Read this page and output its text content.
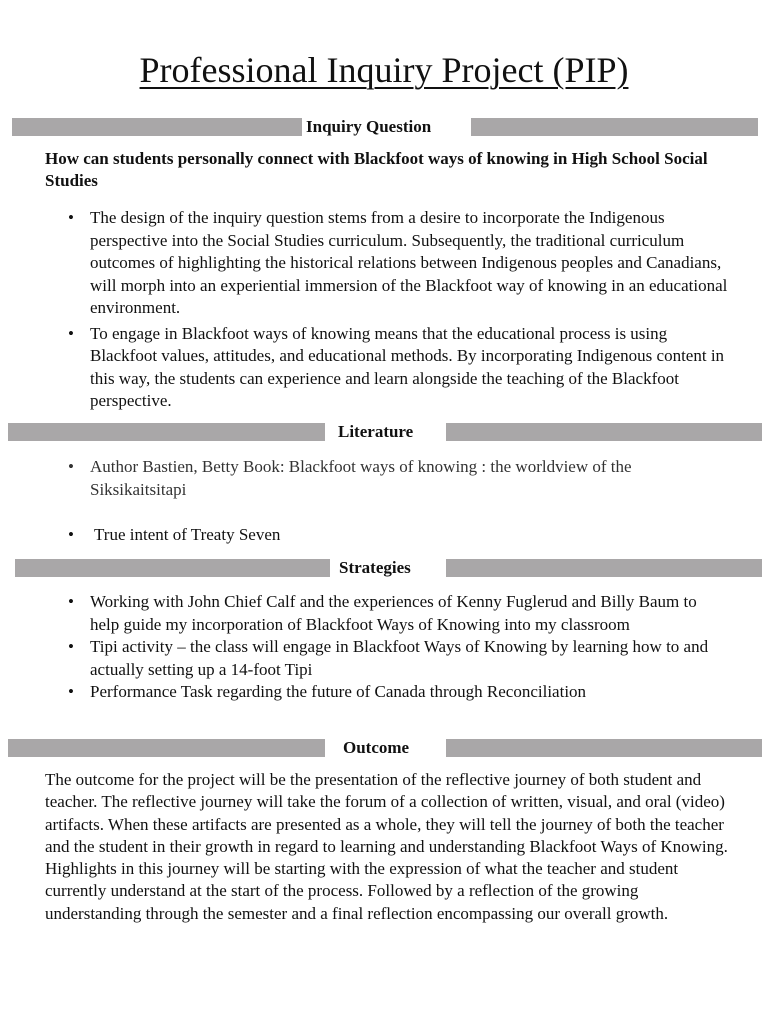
Professional Inquiry Project (PIP)
Inquiry Question
How can students personally connect with Blackfoot ways of knowing in High School Social Studies
• The design of the inquiry question stems from a desire to incorporate the Indigenous perspective into the Social Studies curriculum. Subsequently, the traditional curriculum outcomes of highlighting the historical relations between Indigenous peoples and Canadians, will morph into an experiential immersion of the Blackfoot way of knowing in an educational environment.
• To engage in Blackfoot ways of knowing means that the educational process is using Blackfoot values, attitudes, and educational methods. By incorporating Indigenous content in this way, the students can experience and learn alongside the teaching of the Blackfoot perspective.
Literature
• Author Bastien, Betty Book: Blackfoot ways of knowing : the worldview of the Siksikaitsitapi
• True intent of Treaty Seven
Strategies
• Working with John Chief Calf and the experiences of Kenny Fuglerud and Billy Baum to help guide my incorporation of Blackfoot Ways of Knowing into my classroom
• Tipi activity – the class will engage in Blackfoot Ways of Knowing by learning how to and actually setting up a 14-foot Tipi
• Performance Task regarding the future of Canada through Reconciliation
Outcome
The outcome for the project will be the presentation of the reflective journey of both student and teacher. The reflective journey will take the forum of a collection of written, visual, and oral (video) artifacts. When these artifacts are presented as a whole, they will tell the journey of both the teacher and the student in their growth in regard to learning and understanding Blackfoot Ways of Knowing. Highlights in this journey will be starting with the expression of what the teacher and student currently understand at the start of the process. Followed by a reflection of the growing understanding through the semester and a final reflection encompassing our overall growth.
